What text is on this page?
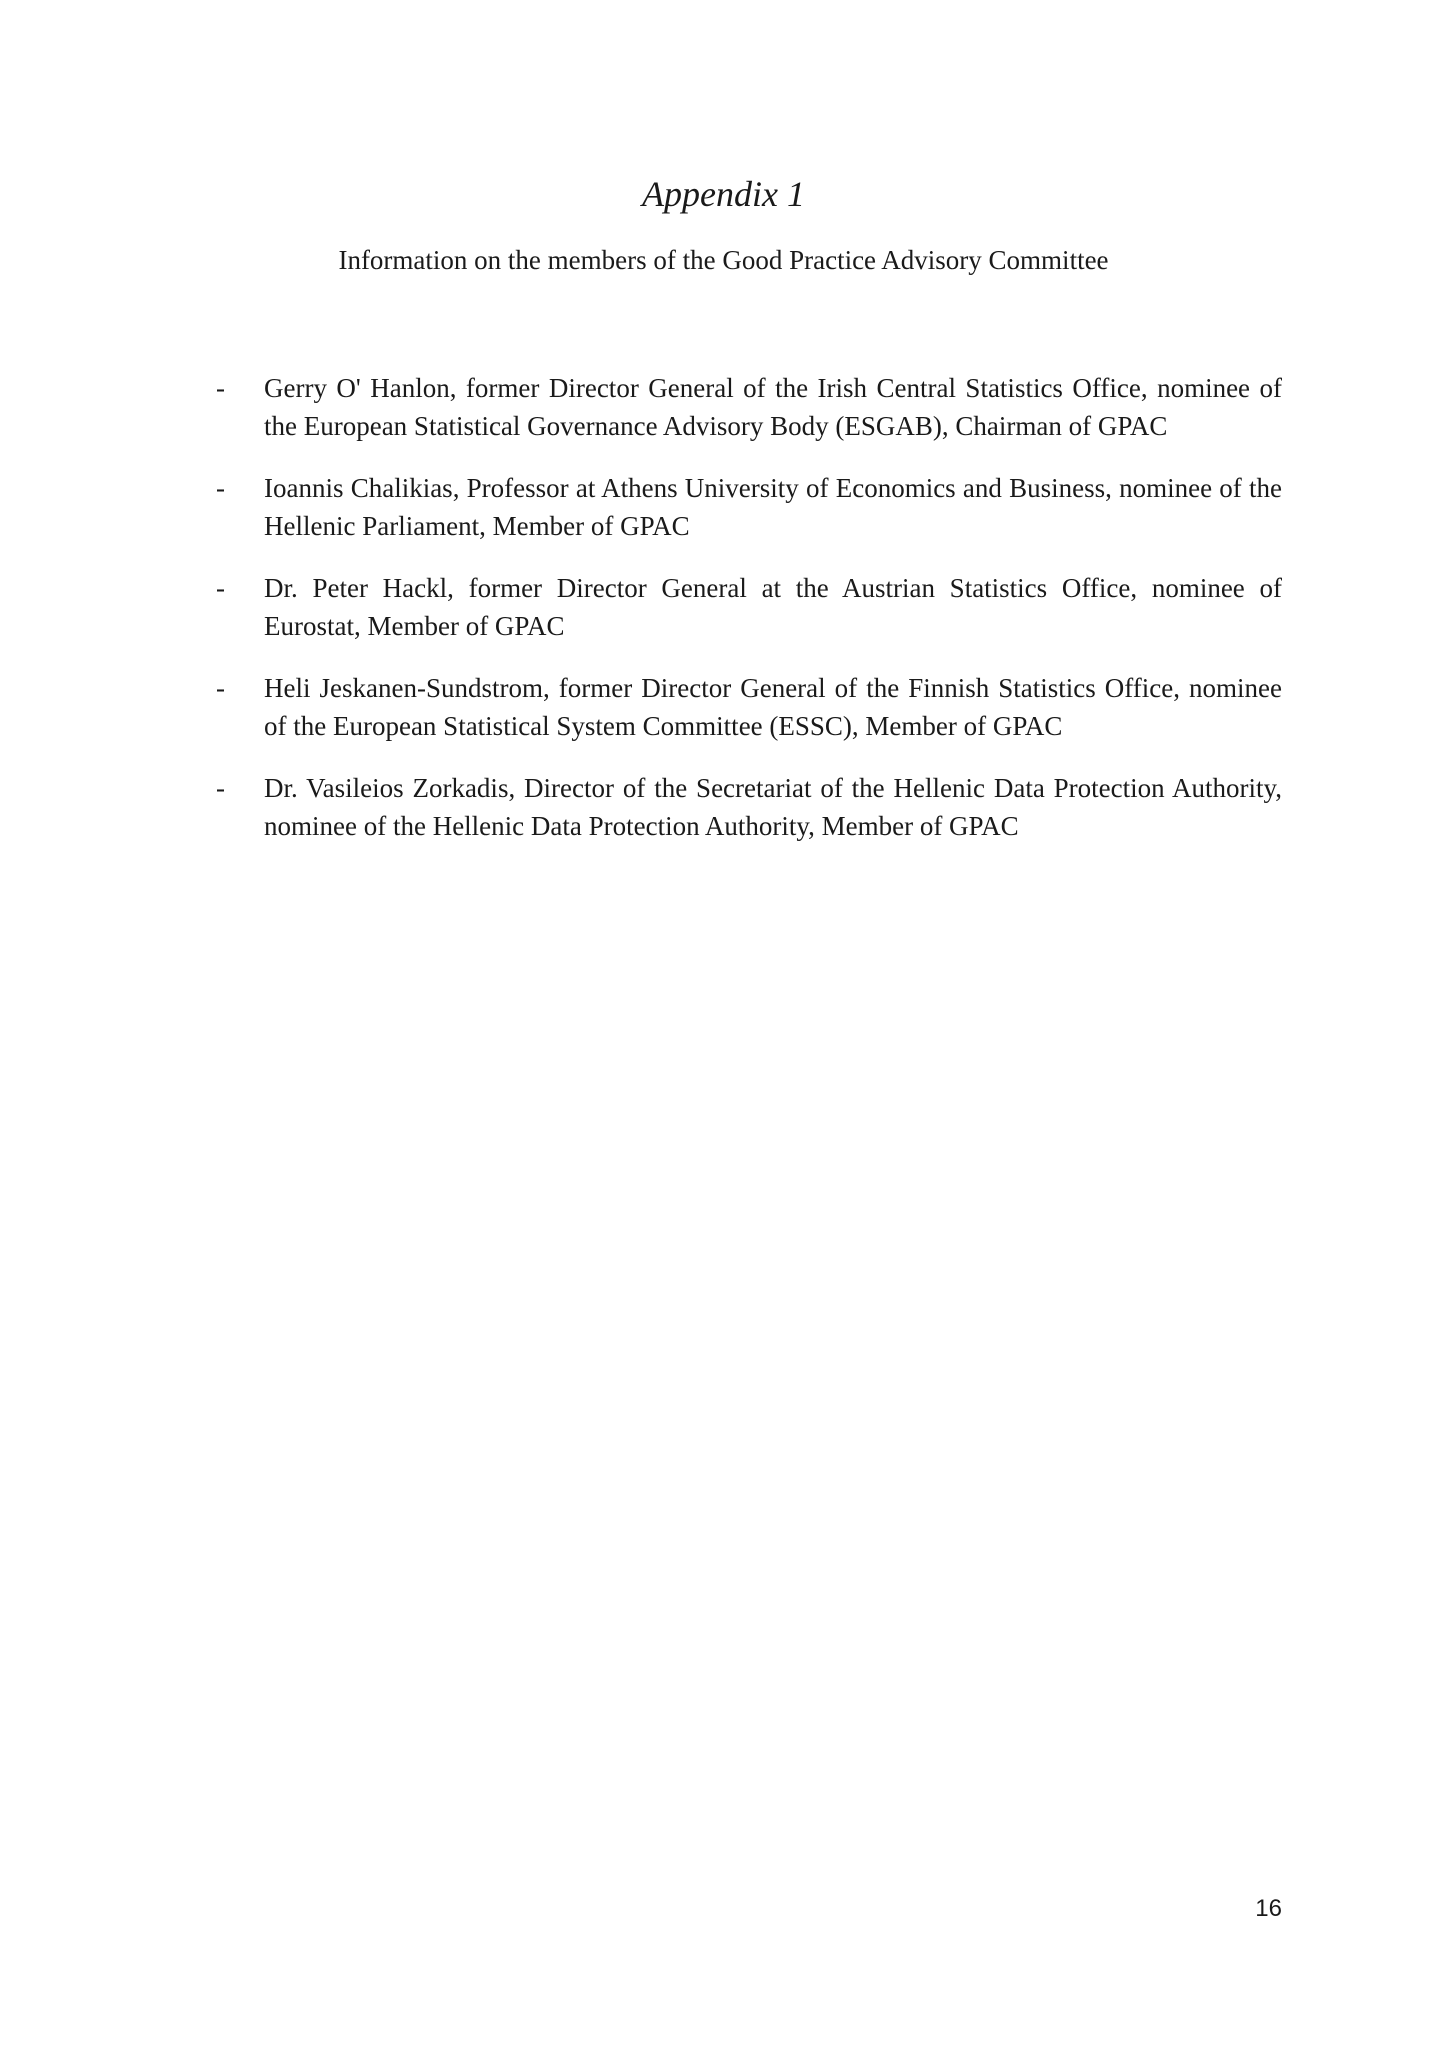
Appendix 1
Information on the members of the Good Practice Advisory Committee
- Gerry O' Hanlon, former Director General of the Irish Central Statistics Office, nominee of the European Statistical Governance Advisory Body (ESGAB), Chairman of GPAC
- Ioannis Chalikias, Professor at Athens University of Economics and Business, nominee of the Hellenic Parliament, Member of GPAC
- Dr. Peter Hackl, former Director General at the Austrian Statistics Office, nominee of Eurostat, Member of GPAC
- Heli Jeskanen-Sundstrom, former Director General of the Finnish Statistics Office, nominee of the European Statistical System Committee (ESSC), Member of GPAC
- Dr. Vasileios Zorkadis, Director of the Secretariat of the Hellenic Data Protection Authority, nominee of the Hellenic Data Protection Authority, Member of GPAC
16
